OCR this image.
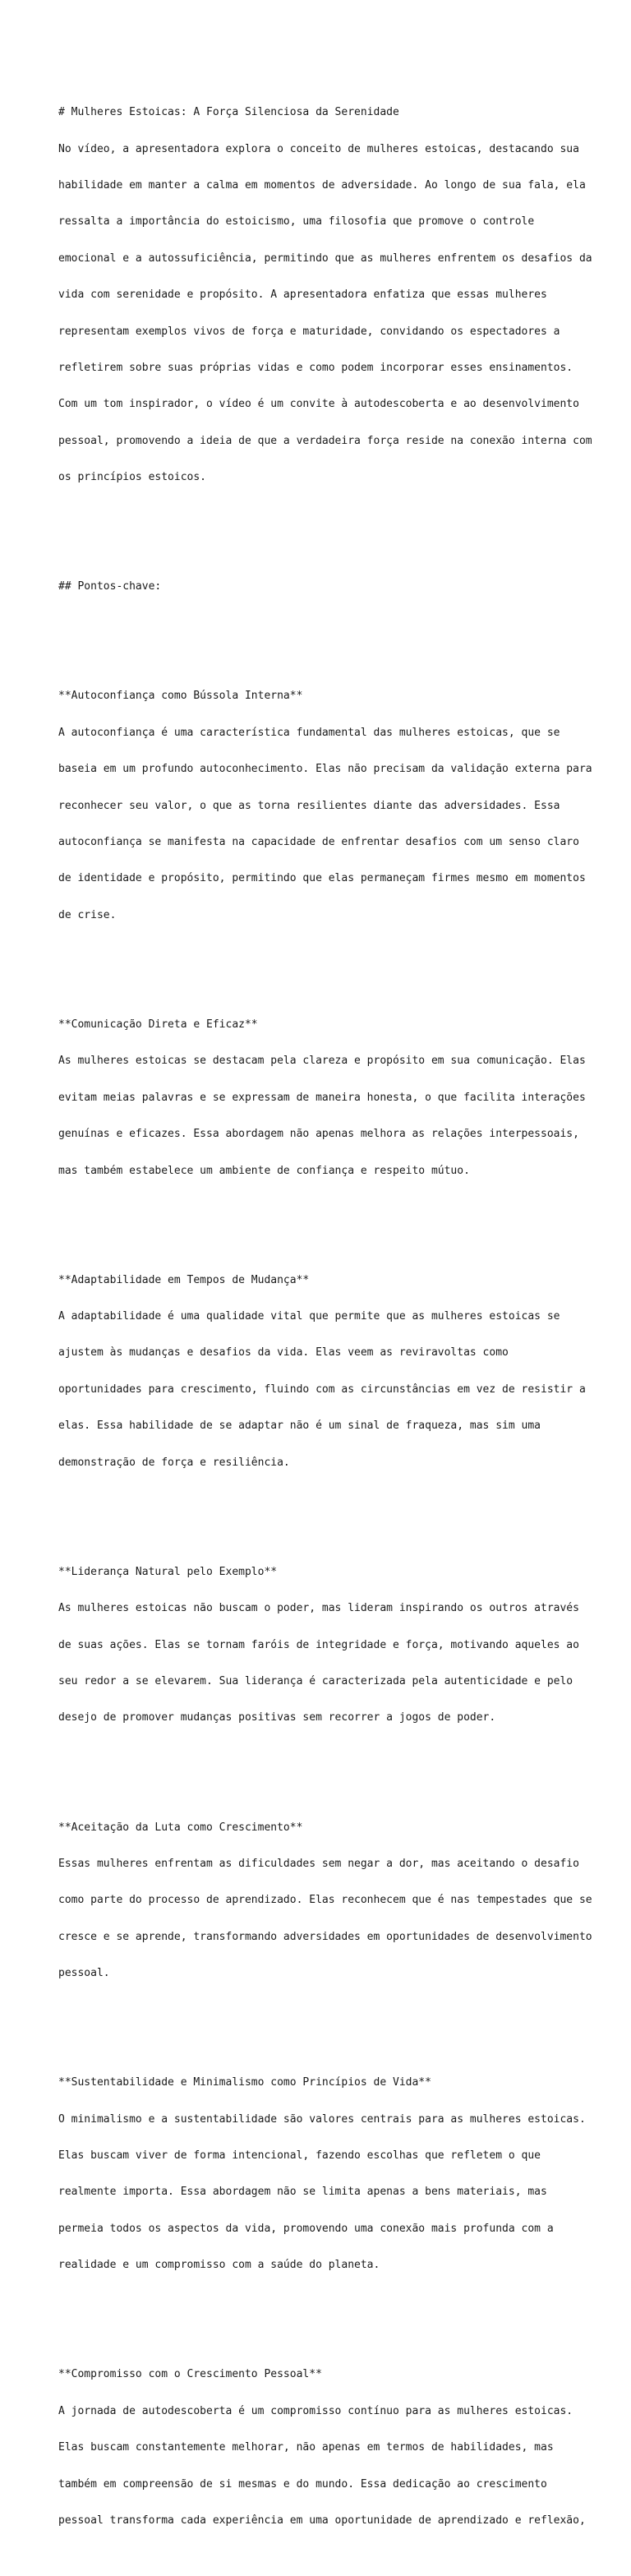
# Mulheres Estoicas: A Força Silenciosa da Serenidade

No vídeo, a apresentadora explora o conceito de mulheres estoicas, destacando sua

habilidade em manter a calma em momentos de adversidade. Ao longo de sua fala, ela

ressalta a importância do estoicismo, uma filosofia que promove o controle

emocional e a autossuficiência, permitindo que as mulheres enfrentem os desafios da

vida com serenidade e propósito. A apresentadora enfatiza que essas mulheres

representam exemplos vivos de força e maturidade, convidando os espectadores a

refletirem sobre suas próprias vidas e como podem incorporar esses ensinamentos.

Com um tom inspirador, o vídeo é um convite à autodescoberta e ao desenvolvimento

pessoal, promovendo a ideia de que a verdadeira força reside na conexão interna com

os princípios estoicos.

## Pontos-chave:

**Autoconfiança como Bússola Interna**

A autoconfiança é uma característica fundamental das mulheres estoicas, que se

baseia em um profundo autoconhecimento. Elas não precisam da validação externa para

reconhecer seu valor, o que as torna resilientes diante das adversidades. Essa

autoconfiança se manifesta na capacidade de enfrentar desafios com um senso claro

de identidade e propósito, permitindo que elas permaneçam firmes mesmo em momentos

de crise.

**Comunicação Direta e Eficaz**

As mulheres estoicas se destacam pela clareza e propósito em sua comunicação. Elas

evitam meias palavras e se expressam de maneira honesta, o que facilita interações

genuínas e eficazes. Essa abordagem não apenas melhora as relações interpessoais,

mas também estabelece um ambiente de confiança e respeito mútuo.

**Adaptabilidade em Tempos de Mudança**

A adaptabilidade é uma qualidade vital que permite que as mulheres estoicas se

ajustem às mudanças e desafios da vida. Elas veem as reviravoltas como

oportunidades para crescimento, fluindo com as circunstâncias em vez de resistir a

elas. Essa habilidade de se adaptar não é um sinal de fraqueza, mas sim uma

demonstração de força e resiliência.

**Liderança Natural pelo Exemplo**

As mulheres estoicas não buscam o poder, mas lideram inspirando os outros através

de suas ações. Elas se tornam faróis de integridade e força, motivando aqueles ao

seu redor a se elevarem. Sua liderança é caracterizada pela autenticidade e pelo

desejo de promover mudanças positivas sem recorrer a jogos de poder.

**Aceitação da Luta como Crescimento**

Essas mulheres enfrentam as dificuldades sem negar a dor, mas aceitando o desafio

como parte do processo de aprendizado. Elas reconhecem que é nas tempestades que se

cresce e se aprende, transformando adversidades em oportunidades de desenvolvimento

pessoal.

**Sustentabilidade e Minimalismo como Princípios de Vida**

O minimalismo e a sustentabilidade são valores centrais para as mulheres estoicas.

Elas buscam viver de forma intencional, fazendo escolhas que refletem o que

realmente importa. Essa abordagem não se limita apenas a bens materiais, mas

permeia todos os aspectos da vida, promovendo uma conexão mais profunda com a

realidade e um compromisso com a saúde do planeta.

**Compromisso com o Crescimento Pessoal**

A jornada de autodescoberta é um compromisso contínuo para as mulheres estoicas.

Elas buscam constantemente melhorar, não apenas em termos de habilidades, mas

também em compreensão de si mesmas e do mundo. Essa dedicação ao crescimento

pessoal transforma cada experiência em uma oportunidade de aprendizado e reflexão,
